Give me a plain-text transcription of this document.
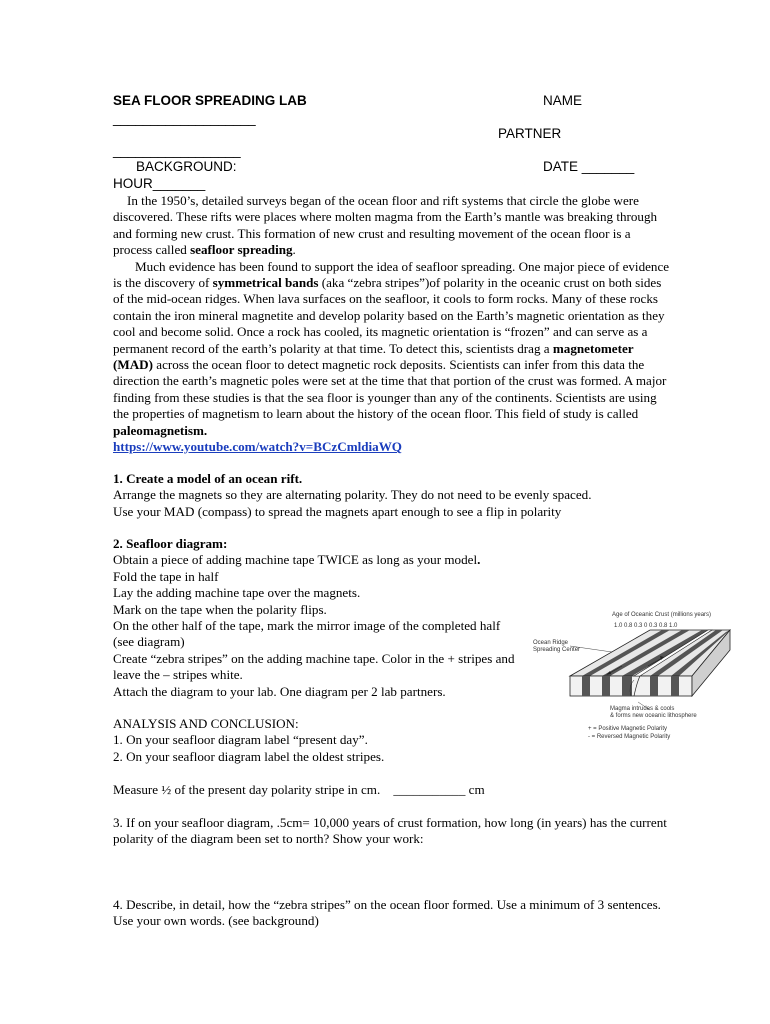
SEA FLOOR SPREADING LAB	NAME
___________________
PARTNER
_________________
BACKGROUND:	DATE _______
HOUR_______

In the 1950’s, detailed surveys began of the ocean floor and rift systems that circle the globe were discovered. These rifts were places where molten magma from the Earth’s mantle was breaking through and forming new crust. This formation of new crust and resulting movement of the ocean floor is a process called seafloor spreading.

Much evidence has been found to support the idea of seafloor spreading. One major piece of evidence is the discovery of symmetrical bands (aka “zebra stripes”)of polarity in the oceanic crust on both sides of the mid-ocean ridges. When lava surfaces on the seafloor, it cools to form rocks. Many of these rocks contain the iron mineral magnetite and develop polarity based on the Earth’s magnetic orientation as they cool and become solid. Once a rock has cooled, its magnetic orientation is “frozen” and can serve as a permanent record of the earth’s polarity at that time. To detect this, scientists drag a magnetometer (MAD) across the ocean floor to detect magnetic rock deposits. Scientists can infer from this data the direction the earth’s magnetic poles were set at the time that that portion of the crust was formed. A major finding from these studies is that the sea floor is younger than any of the continents. Scientists are using the properties of magnetism to learn about the history of the ocean floor. This field of study is called paleomagnetism.

https://www.youtube.com/watch?v=BCzCmldiaWQ

1. Create a model of an ocean rift.

Arrange the magnets so they are alternating polarity. They do not need to be evenly spaced.

Use your MAD (compass) to spread the magnets apart enough to see a flip in polarity

2. Seafloor diagram:

Obtain a piece of adding machine tape TWICE as long as your model.

Fold the tape in half

Lay the adding machine tape over the magnets.

Mark on the tape when the polarity flips.

On the other half of the tape, mark the mirror image of the completed half (see diagram)

Create “zebra stripes” on the adding machine tape. Color in the + stripes and leave the – stripes white.

Attach the diagram to your lab. One diagram per 2 lab partners.

Age of Oceanic Crust (millions years)
1.0 0.8 0.3 0 0.3 0.8 1.0
Ocean Ridge
Spreading Center
Magma intrudes & cools
& forms new oceanic lithosphere
+ = Positive Magnetic Polarity
- = Reversed Magnetic Polarity

ANALYSIS AND CONCLUSION:

1. On your seafloor diagram label “present day”.

2. On your seafloor diagram label the oldest stripes.

Measure ½ of the present day polarity stripe in cm. ___________ cm

3. If on your seafloor diagram, .5cm= 10,000 years of crust formation, how long (in years) has the current polarity of the diagram been set to north? Show your work:
4. Describe, in detail, how the “zebra stripes” on the ocean floor formed. Use a minimum of 3 sentences. Use your own words. (see background)
